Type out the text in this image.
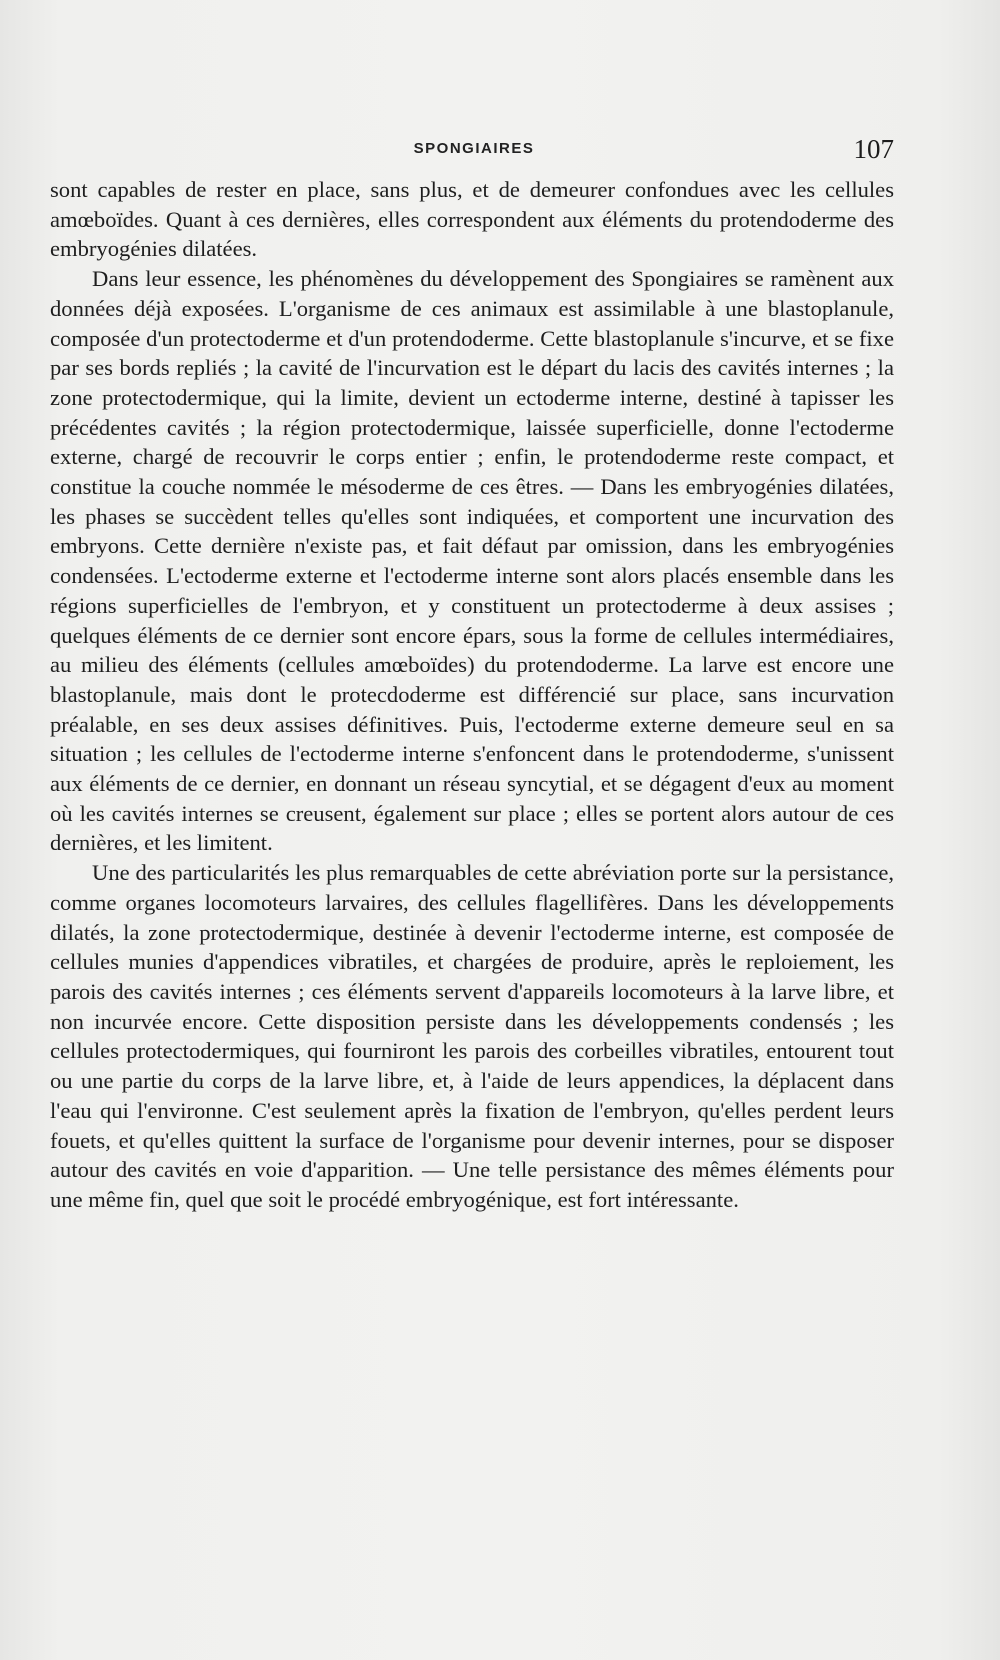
SPONGIAIRES	107

sont capables de rester en place, sans plus, et de demeurer confondues avec les cellules amœboïdes. Quant à ces dernières, elles correspondent aux éléments du protendoderme des embryogénies dilatées.

Dans leur essence, les phénomènes du développement des Spongiaires se ramènent aux données déjà exposées. L'organisme de ces animaux est assimilable à une blastoplanule, composée d'un protectoderme et d'un protendoderme. Cette blastoplanule s'incurve, et se fixe par ses bords repliés ; la cavité de l'incurvation est le départ du lacis des cavités internes ; la zone protectodermique, qui la limite, devient un ectoderme interne, destiné à tapisser les précédentes cavités ; la région protectodermique, laissée superficielle, donne l'ectoderme externe, chargé de recouvrir le corps entier ; enfin, le protendoderme reste compact, et constitue la couche nommée le mésoderme de ces êtres. — Dans les embryogénies dilatées, les phases se succèdent telles qu'elles sont indiquées, et comportent une incurvation des embryons. Cette dernière n'existe pas, et fait défaut par omission, dans les embryogénies condensées. L'ectoderme externe et l'ectoderme interne sont alors placés ensemble dans les régions superficielles de l'embryon, et y constituent un protectoderme à deux assises ; quelques éléments de ce dernier sont encore épars, sous la forme de cellules intermédiaires, au milieu des éléments (cellules amœboïdes) du protendoderme. La larve est encore une blastoplanule, mais dont le protecdoderme est différencié sur place, sans incurvation préalable, en ses deux assises définitives. Puis, l'ectoderme externe demeure seul en sa situation ; les cellules de l'ectoderme interne s'enfoncent dans le protendoderme, s'unissent aux éléments de ce dernier, en donnant un réseau syncytial, et se dégagent d'eux au moment où les cavités internes se creusent, également sur place ; elles se portent alors autour de ces dernières, et les limitent.

Une des particularités les plus remarquables de cette abréviation porte sur la persistance, comme organes locomoteurs larvaires, des cellules flagellifères. Dans les développements dilatés, la zone protectodermique, destinée à devenir l'ectoderme interne, est composée de cellules munies d'appendices vibratiles, et chargées de produire, après le reploiement, les parois des cavités internes ; ces éléments servent d'appareils locomoteurs à la larve libre, et non incurvée encore. Cette disposition persiste dans les développements condensés ; les cellules protectodermiques, qui fourniront les parois des corbeilles vibratiles, entourent tout ou une partie du corps de la larve libre, et, à l'aide de leurs appendices, la déplacent dans l'eau qui l'environne. C'est seulement après la fixation de l'embryon, qu'elles perdent leurs fouets, et qu'elles quittent la surface de l'organisme pour devenir internes, pour se disposer autour des cavités en voie d'apparition. — Une telle persistance des mêmes éléments pour une même fin, quel que soit le procédé embryogénique, est fort intéressante.
